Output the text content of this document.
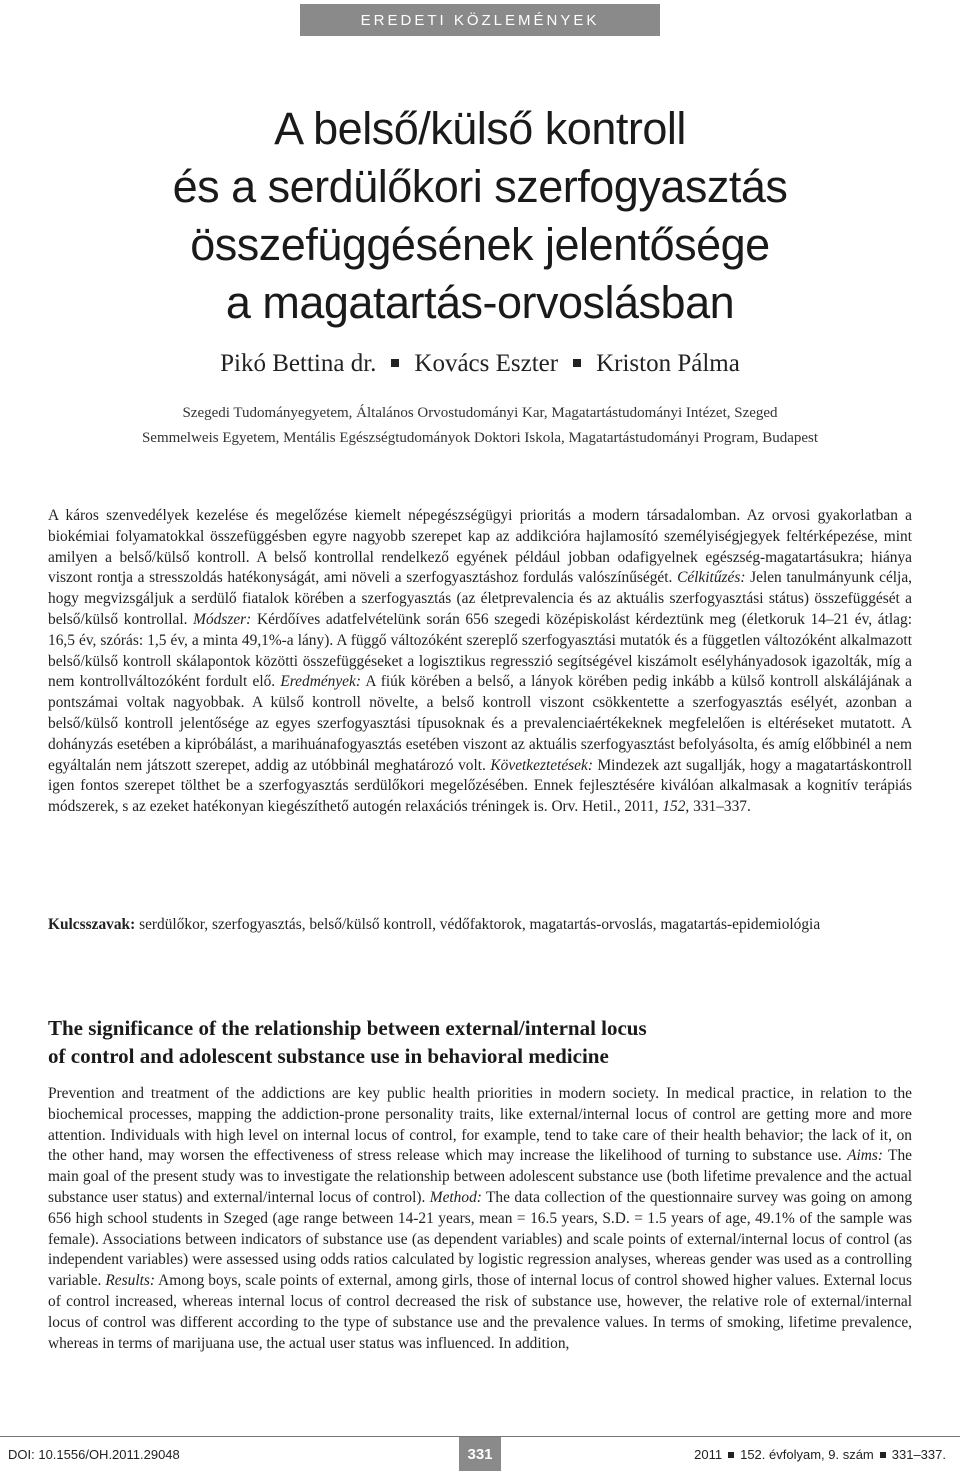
EREDETI KÖZLEMÉNYEK
A belső/külső kontroll
és a serdülőkori szerfogyasztás
összefüggésének jelentősége
a magatartás-orvoslásban
Pikó Bettina dr. Kovács Eszter Kriston Pálma
Szegedi Tudományegyetem, Általános Orvostudományi Kar, Magatartástudományi Intézet, Szeged
Semmelweis Egyetem, Mentális Egészségtudományok Doktori Iskola, Magatartástudományi Program, Budapest

A káros szenvedélyek kezelése és megelőzése kiemelt népegészségügyi prioritás a modern társadalomban. Az orvosi gyakorlatban a biokémiai folyamatokkal összefüggésben egyre nagyobb szerepet kap az addikcióra hajlamosító személyiségjegyek feltérképezése, mint amilyen a belső/külső kontroll. A belső kontrollal rendelkező egyének például jobban odafigyelnek egészség-magatartásukra; hiánya viszont rontja a stresszoldás hatékonyságát, ami növeli a szerfogyasztáshoz fordulás valószínűségét. Célkitűzés: Jelen tanulmányunk célja, hogy megvizsgáljuk a serdülő fiatalok körében a szerfogyasztás (az életprevalencia és az aktuális szerfogyasztási státus) összefüggését a belső/külső kontrollal. Módszer: Kérdőíves adatfelvételünk során 656 szegedi középiskolást kérdeztünk meg (életkoruk 14–21 év, átlag: 16,5 év, szórás: 1,5 év, a minta 49,1%-a lány). A függő változóként szereplő szerfogyasztási mutatók és a független változóként alkalmazott belső/külső kontroll skálapontok közötti összefüggéseket a logisztikus regresszió segítségével kiszámolt esélyhányadosok igazolták, míg a nem kontrollváltozóként fordult elő. Eredmények: A fiúk körében a belső, a lányok körében pedig inkább a külső kontroll alskálájának a pontszámai voltak nagyobbak. A külső kontroll növelte, a belső kontroll viszont csökkentette a szerfogyasztás esélyét, azonban a belső/külső kontroll jelentősége az egyes szerfogyasztási típusoknak és a prevalenciaértékeknek megfelelően is eltéréseket mutatott. A dohányzás esetében a kipróbálást, a marihuánafogyasztás esetében viszont az aktuális szerfogyasztást befolyásolta, és amíg előbbinél a nem egyáltalán nem játszott szerepet, addig az utóbbinál meghatározó volt. Következtetések: Mindezek azt sugallják, hogy a magatartáskontroll igen fontos szerepet tölthet be a szerfogyasztás serdülőkori megelőzésében. Ennek fejlesztésére kiválóan alkalmasak a kognitív terápiás módszerek, s az ezeket hatékonyan kiegészíthető autogén relaxációs tréningek is. Orv. Hetil., 2011, 152, 331–337.

Kulcsszavak: serdülőkor, szerfogyasztás, belső/külső kontroll, védőfaktorok, magatartás-orvoslás, magatartás-epidemiológia

The significance of the relationship between external/internal locus
of control and adolescent substance use in behavioral medicine

Prevention and treatment of the addictions are key public health priorities in modern society. In medical practice, in relation to the biochemical processes, mapping the addiction-prone personality traits, like external/internal locus of control are getting more and more attention. Individuals with high level on internal locus of control, for example, tend to take care of their health behavior; the lack of it, on the other hand, may worsen the effectiveness of stress release which may increase the likelihood of turning to substance use. Aims: The main goal of the present study was to investigate the relationship between adolescent substance use (both lifetime prevalence and the actual substance user status) and external/internal locus of control). Method: The data collection of the questionnaire survey was going on among 656 high school students in Szeged (age range between 14-21 years, mean = 16.5 years, S.D. = 1.5 years of age, 49.1% of the sample was female). Associations between indicators of substance use (as dependent variables) and scale points of external/internal locus of control (as independent variables) were assessed using odds ratios calculated by logistic regression analyses, whereas gender was used as a controlling variable. Results: Among boys, scale points of external, among girls, those of internal locus of control showed higher values. External locus of control increased, whereas internal locus of control decreased the risk of substance use, however, the relative role of external/internal locus of control was different according to the type of substance use and the prevalence values. In terms of smoking, lifetime prevalence, whereas in terms of marijuana use, the actual user status was influenced. In addition,

DOI: 10.1556/OH.2011.29048	331	2011 152. évfolyam, 9. szám 331–337.
